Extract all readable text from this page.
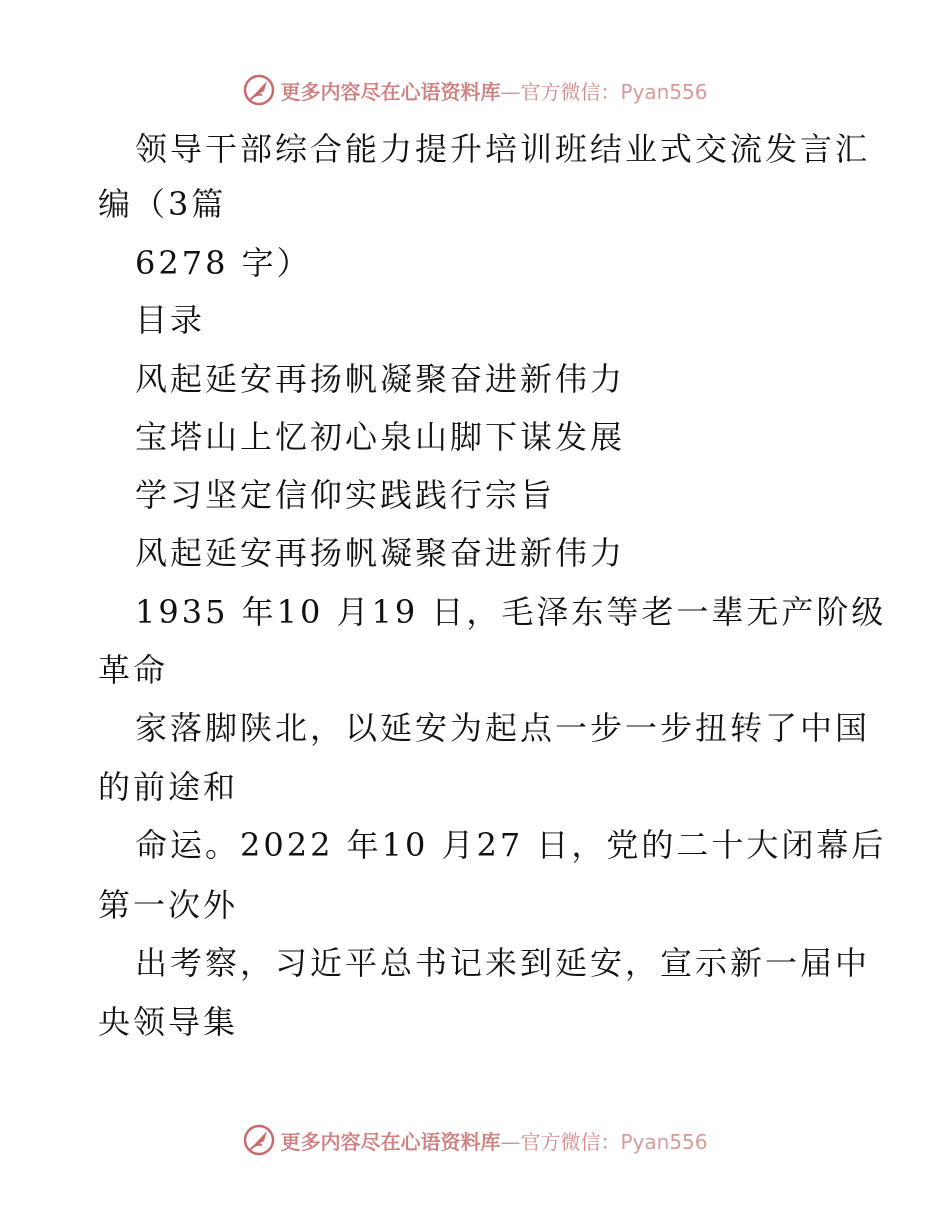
更多内容尽在心语资料库—官方微信：Pyan556
领导干部综合能力提升培训班结业式交流发言汇
编（3篇
6278 字）
目录
风起延安再扬帆凝聚奋进新伟力
宝塔山上忆初心泉山脚下谋发展
学习坚定信仰实践践行宗旨
风起延安再扬帆凝聚奋进新伟力
1935 年10 月19 日，毛泽东等老一辈无产阶级
革命
家落脚陕北，以延安为起点一步一步扭转了中国
的前途和
命运。2022 年10 月27 日，党的二十大闭幕后
第一次外
出考察，习近平总书记来到延安，宣示新一届中
央领导集
更多内容尽在心语资料库—官方微信：Pyan556
